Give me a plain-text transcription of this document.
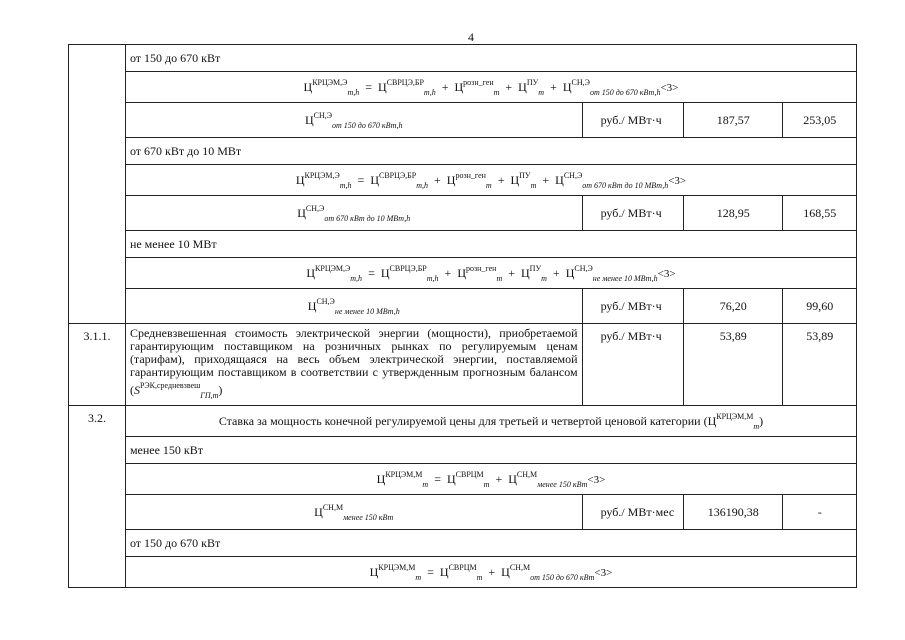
4
	от 150 до 670 кВт			
	$Ц^{КРЦЭМ,Э}_{m,h} = Ц^{СВРЦЭ,БР}_{m,h} + Ц^{розн\_ген}_m + Ц^{ПУ}_m + Ц^{СН,Э}_{от 150 до 670 кВт,h}<3>$			
	$Ц^{СН,Э}_{от 150 до 670 кВт,h}$	руб./ МВт·ч	187,57	253,05
	от 670 кВт до 10 МВт			
	$Ц^{КРЦЭМ,Э}_{m,h} = Ц^{СВРЦЭ,БР}_{m,h} + Ц^{розн\_ген}_m + Ц^{ПУ}_m + Ц^{СН,Э}_{от 670 кВт до 10 МВт,h}<3>$			
	$Ц^{СН,Э}_{от 670 кВт до 10 МВт,h}$	руб./ МВт·ч	128,95	168,55
	не менее 10 МВт			
	$Ц^{КРЦЭМ,Э}_{m,h} = Ц^{СВРЦЭ,БР}_{m,h} + Ц^{розн\_ген}_m + Ц^{ПУ}_m + Ц^{СН,Э}_{не менее 10 МВт,h}<3>$			
	$Ц^{СН,Э}_{не менее 10 МВт,h}$	руб./ МВт·ч	76,20	99,60
3.1.1.	Средневзвешенная стоимость электрической энергии (мощности), приобретаемой гарантирующим поставщиком на розничных рынках по регулируемым ценам (тарифам), приходящаяся на весь объем электрической энергии, поставляемой гарантирующим поставщиком в соответствии с утвержденным прогнозным балансом $(S^{РЭК,средневзвеш}_{ГП,m})$	руб./ МВт·ч	53,89	53,89
3.2.	Ставка за мощность конечной регулируемой цены для третьей и четвертой ценовой категории $(Ц^{КРЦЭМ,М}_m)$			
	менее 150 кВт			
	$Ц^{КРЦЭМ,М}_m = Ц^{СВРЦМ}_m + Ц^{СН,М}_{менее 150 кВт}<3>$			
	$Ц^{СН,М}_{менее 150 кВт}$	руб./ МВт·мес	136190,38	-
	от 150 до 670 кВт			
	$Ц^{КРЦЭМ,М}_m = Ц^{СВРЦМ}_m + Ц^{СН,М}_{от 150 до 670 кВт}<3>$			
